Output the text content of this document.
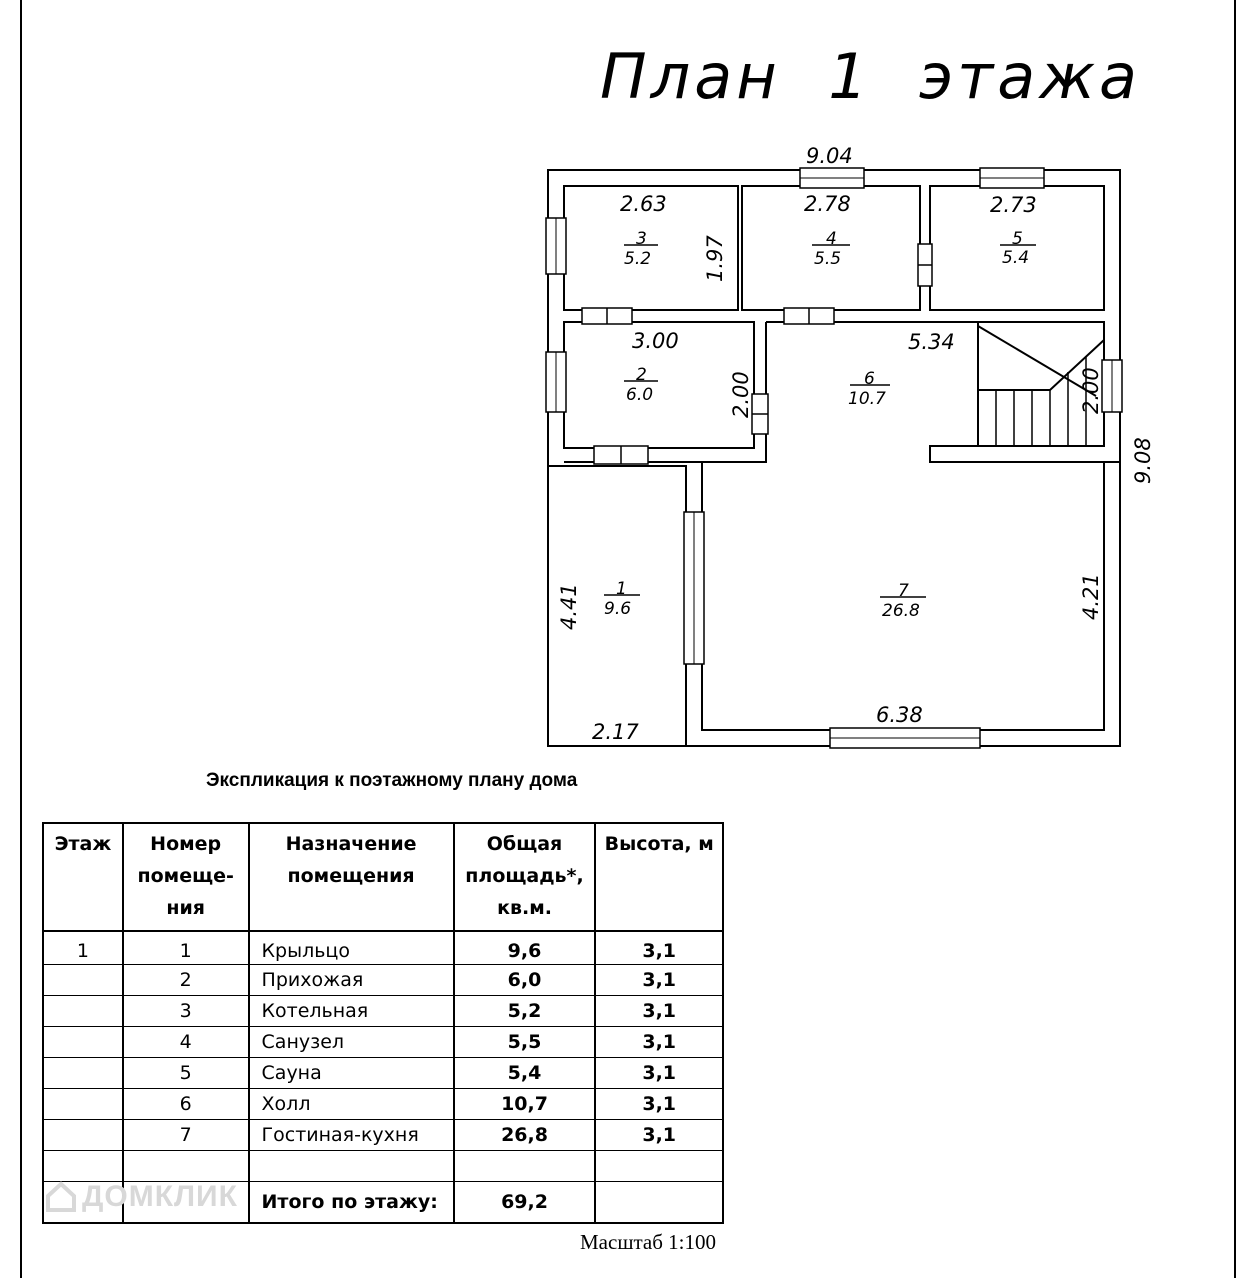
План  1  этажа
9.04
2.63	2.78	2.73
1.97
3.00
2.00
5.34
2.00
9.08
4.41	4.21
2.17
6.38
3
5.2
4
5.5
5
5.4
2
6.0
6
10.7
1
9.6
7
26.8
Экспликация к поэтажному плану дома
Этаж	Номер
помеще-
ния	Назначение помещения	Общая площадь*, кв.м.	Высота, м
1	1	Крыльцо	9,6	3,1
	2	Прихожая	6,0	3,1
	3	Котельная	5,2	3,1
	4	Санузел	5,5	3,1
	5	Сауна	5,4	3,1
	6	Холл	10,7	3,1
	7	Гостиная-кухня	26,8	3,1

		Итого по этажу:	69,2	
ДОМКЛИК
Масштаб 1:100
